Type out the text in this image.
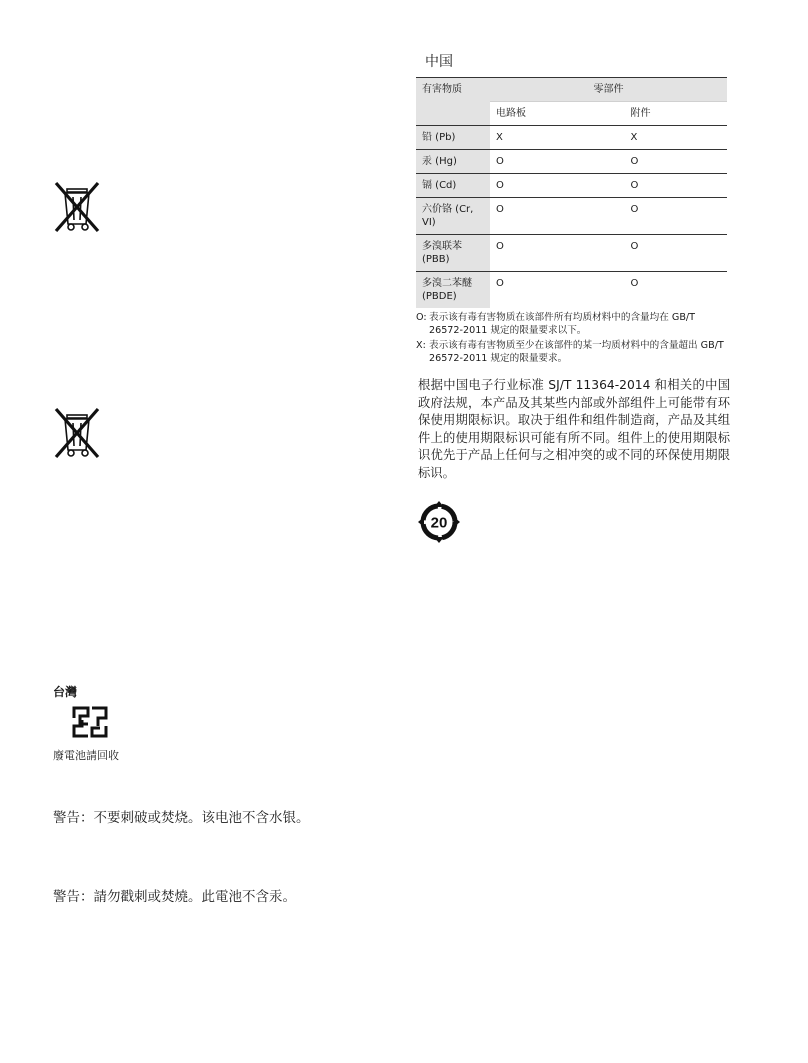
台灣
廢電池請回收
警告：不要刺破或焚烧。该电池不含水银。
警告：請勿戳刺或焚燒。此電池不含汞。
中国
有害物质	零部件	
	电路板	附件
铅 (Pb)	X	X
汞 (Hg)	O	O
镉 (Cd)	O	O
六价铬 (Cr, VI)	O	O
多溴联苯 (PBB)	O	O
多溴二苯醚 (PBDE)	O	O
O: 表示该有毒有害物质在该部件所有均质材料中的含量均在 GB/T 26572-2011 规定的限量要求以下。
X: 表示该有毒有害物质至少在该部件的某一均质材料中的含量超出 GB/T 26572-2011 规定的限量要求。
根据中国电子行业标准 SJ/T 11364-2014 和相关的中国政府法规，本产品及其某些内部或外部组件上可能带有环保使用期限标识。取决于组件和组件制造商，产品及其组件上的使用期限标识可能有所不同。组件上的使用期限标识优先于产品上任何与之相冲突的或不同的环保使用期限标识。
20
